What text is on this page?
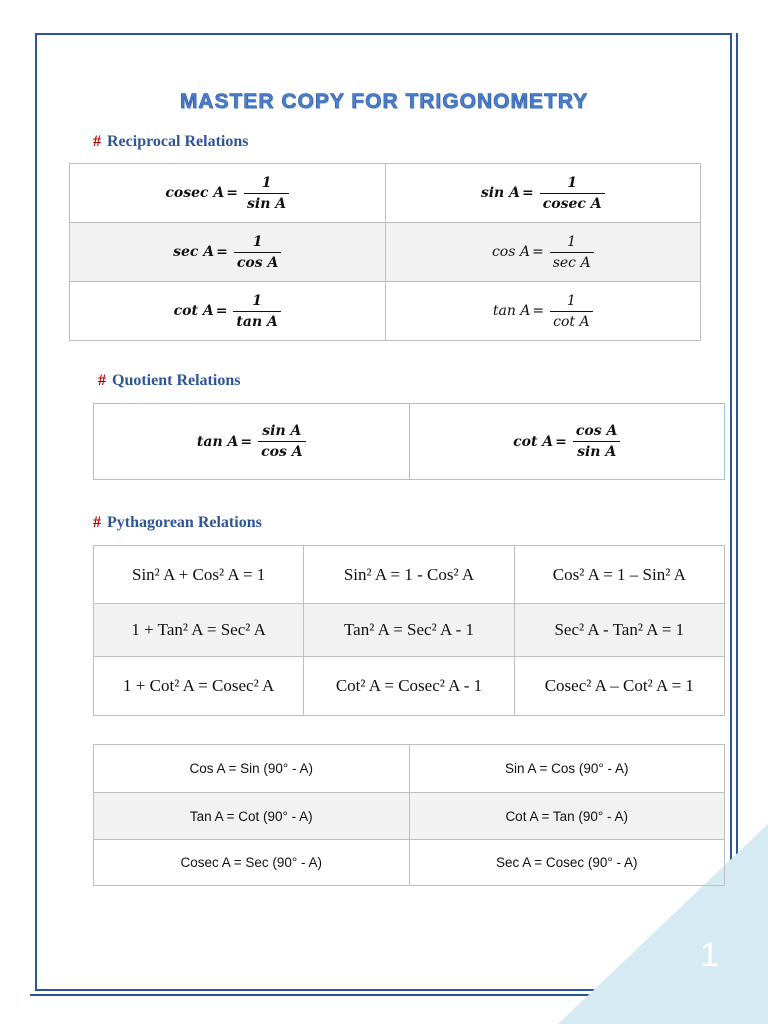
1
MASTER COPY FOR TRIGONOMETRY
# Reciprocal Relations
cosec $A = \frac{1}{\text{sin A}}$	$\sin A = \frac{1}{\text{cosec A}}$

$\sec A = \frac{1}{\text{cos A}}$	$\cos A = \frac{1}{\text{sec A}}$

$\cot A = \frac{1}{\text{tan A}}$	$\tan A = \frac{1}{\text{cot A}}$
# Quotient Relations
$\tan A = \frac{\text{sin A}}{\text{cos A}}$	$\cot A = \frac{\text{cos A}}{\text{sin A}}$
# Pythagorean Relations
Sin² A + Cos² A = 1	Sin² A = 1 - Cos² A	Cos² A = 1 – Sin² A
1 + Tan² A = Sec² A	Tan² A = Sec² A - 1	Sec² A - Tan² A = 1
1 + Cot² A = Cosec² A	Cot² A = Cosec² A - 1	Cosec² A – Cot² A = 1
Cos A = Sin (90° - A)	Sin A = Cos (90° - A)
Tan A = Cot (90° - A)	Cot A = Tan (90° - A)
Cosec A = Sec (90° - A)	Sec A = Cosec (90° - A)
